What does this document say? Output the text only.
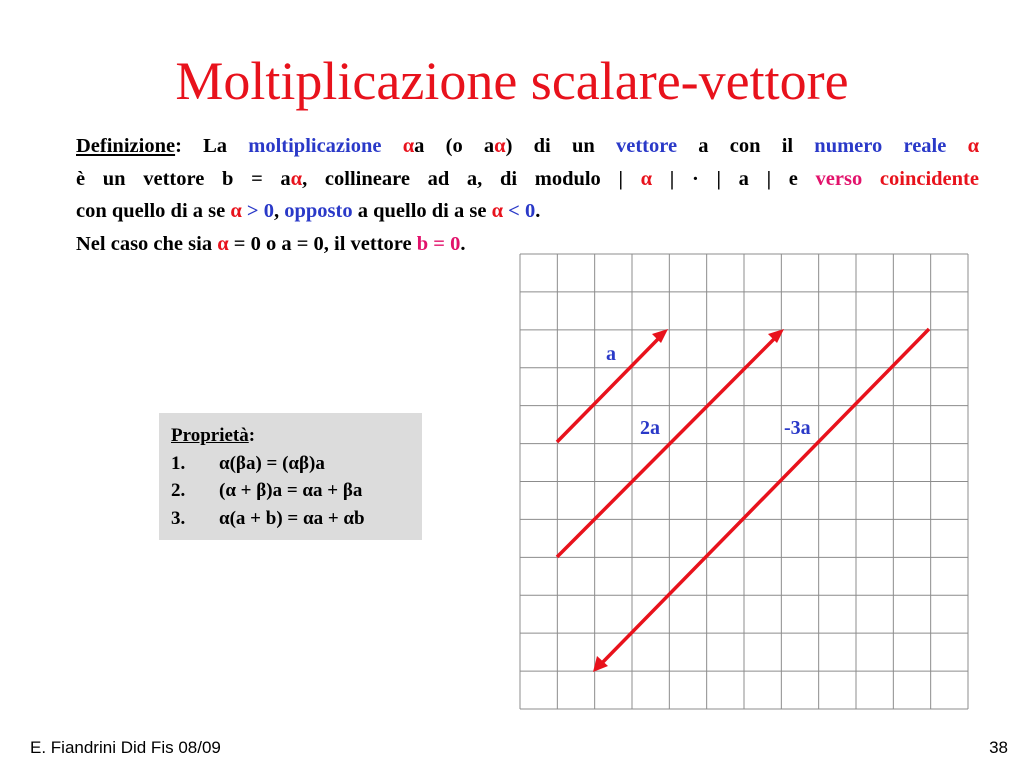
Moltiplicazione scalare-vettore
Definizione: La moltiplicazione αa (o aα) di un vettore a con il numero reale α
è un vettore b = aα, collineare ad a, di modulo | α | · | a | e verso coincidente
con quello di a se α > 0, opposto a quello di a se α < 0.
Nel caso che sia α = 0 o a = 0, il vettore b = 0.
a
2a	-3a
Proprietà:
1. α(βa) = (αβ)a
2. (α + β)a = αa + βa
3. α(a + b) = αa + αb
E. Fiandrini Did Fis 08/09	38
